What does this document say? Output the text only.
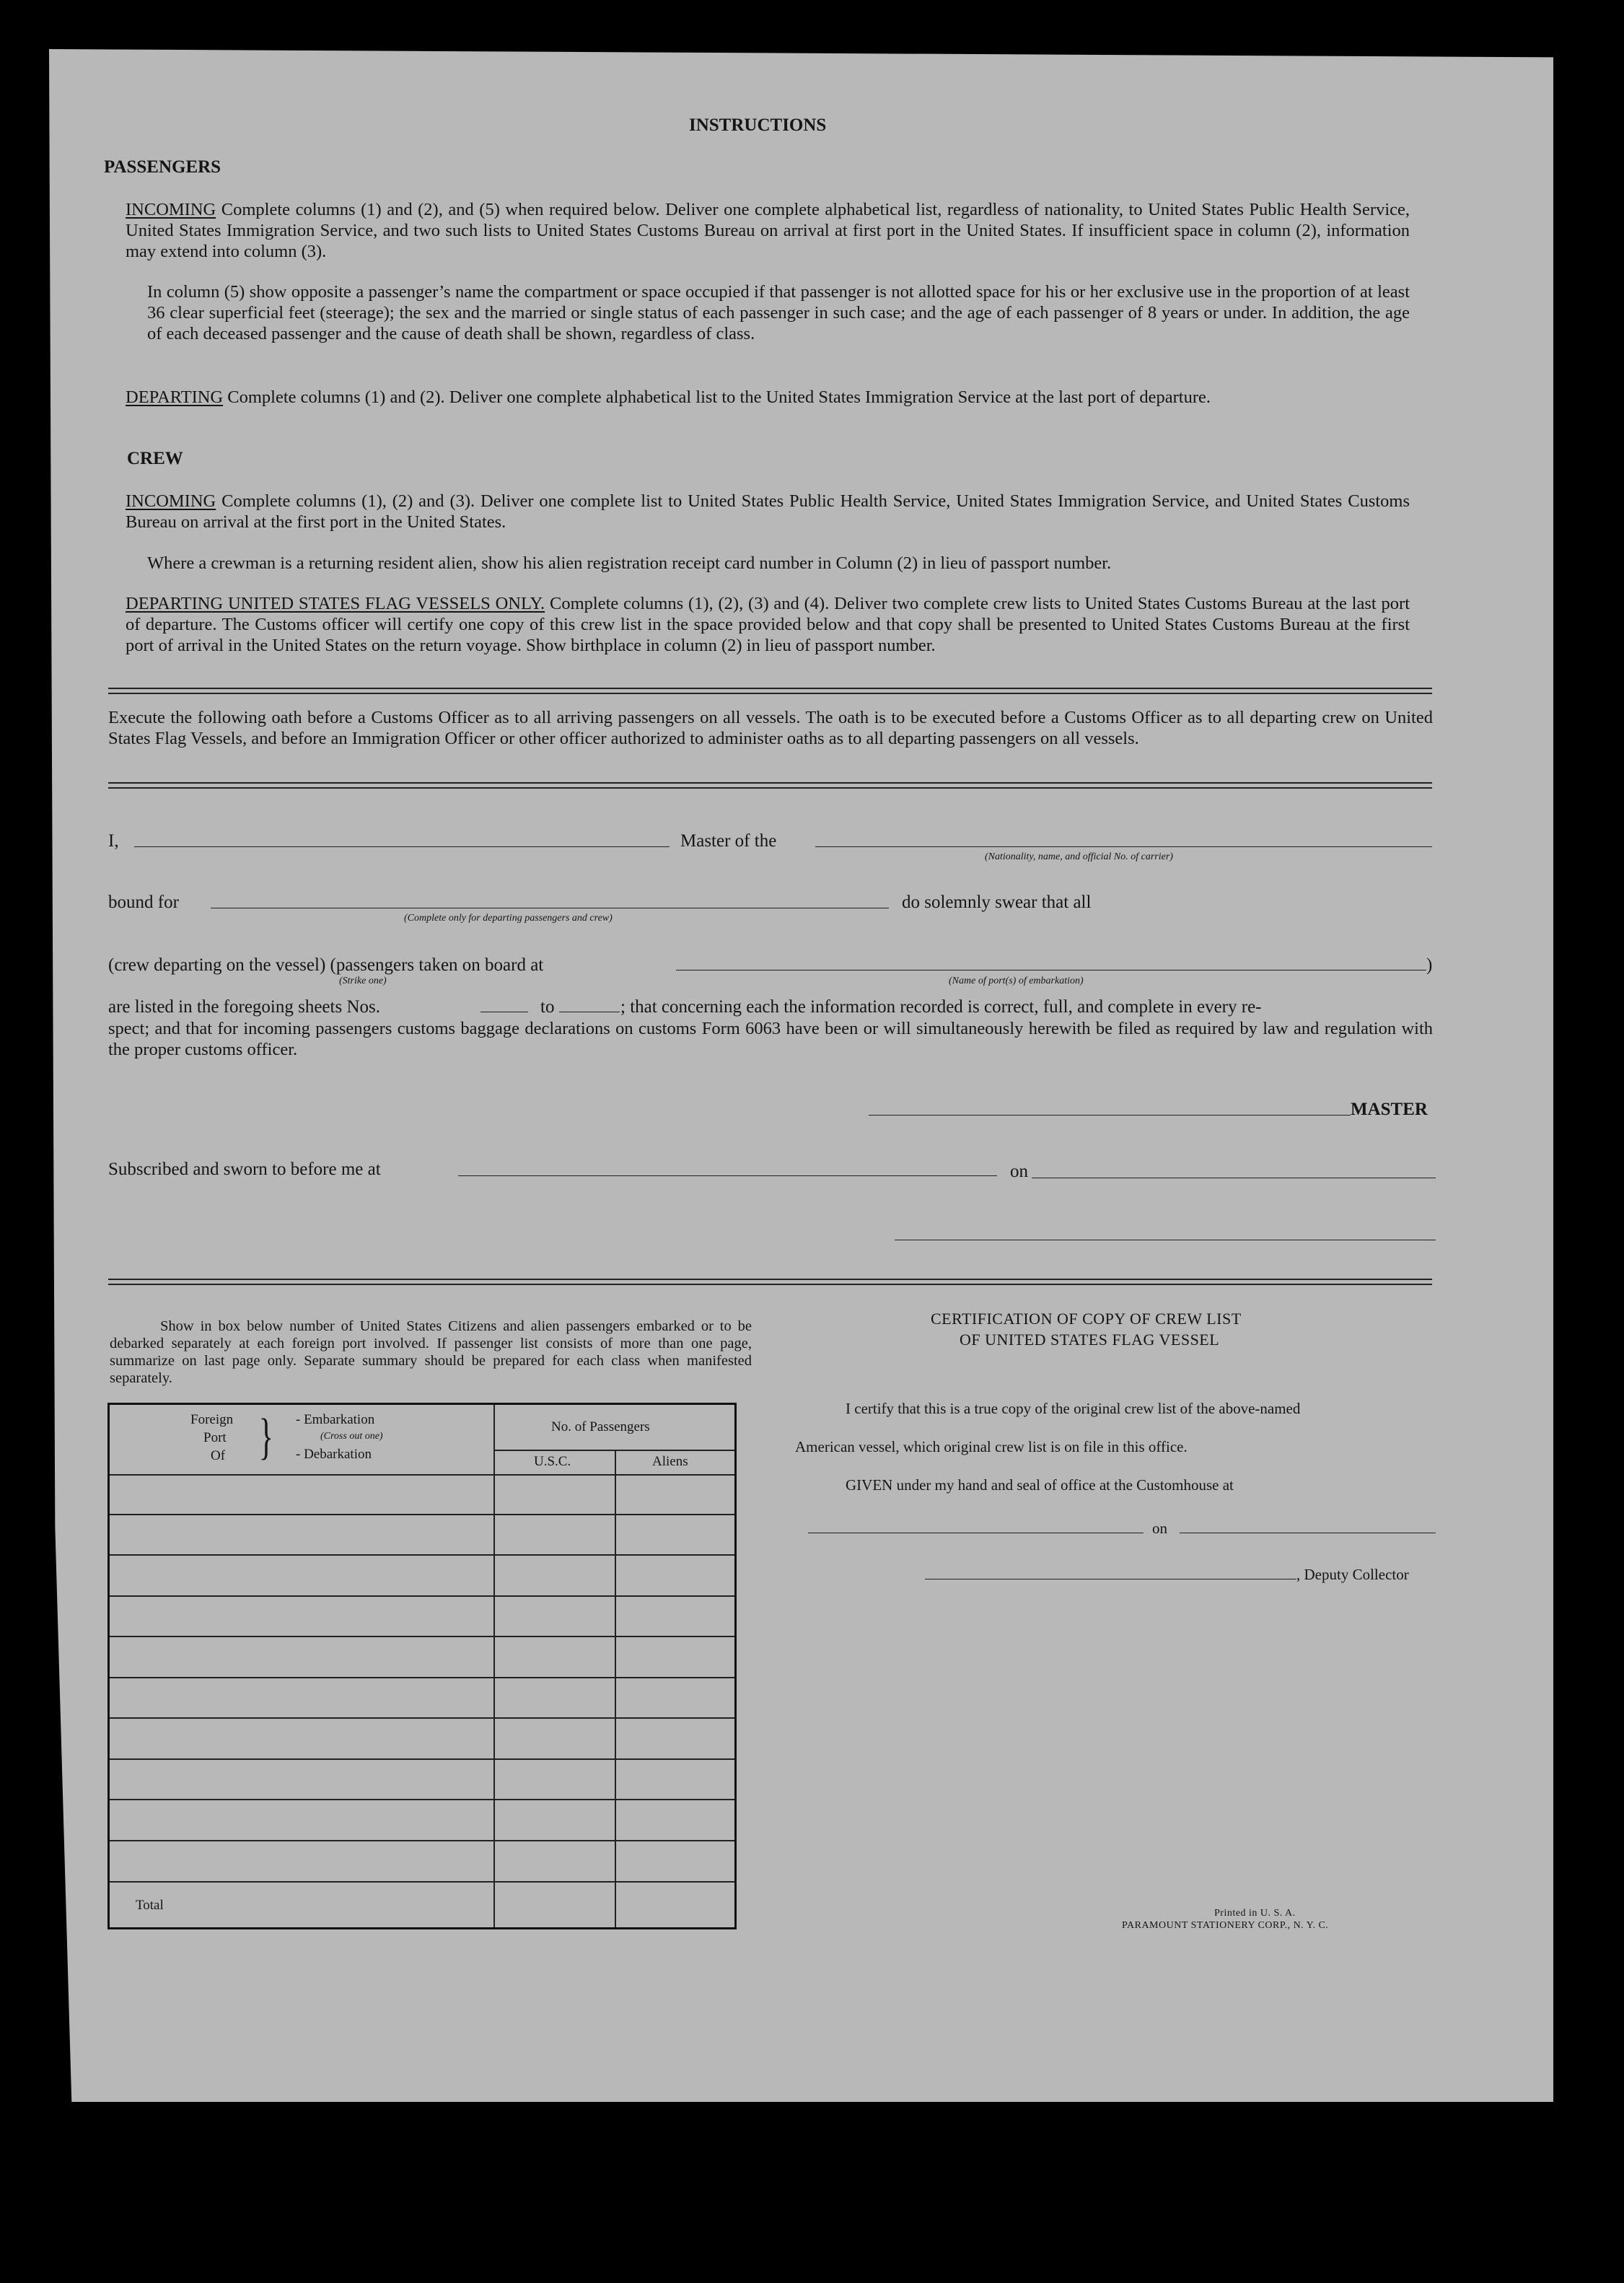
INSTRUCTIONS
PASSENGERS

INCOMING Complete columns (1) and (2), and (5) when required below. Deliver one complete alphabetical list, regardless of nationality, to United States Public Health Service, United States Immigration Service, and two such lists to United States Customs Bureau on arrival at first port in the United States. If insufficient space in column (2), information may extend into column (3).

In column (5) show opposite a passenger’s name the compartment or space occupied if that passenger is not allotted space for his or her exclusive use in the proportion of at least 36 clear superficial feet (steerage); the sex and the married or single status of each passenger in such case; and the age of each passenger of 8 years or under. In addition, the age of each deceased passenger and the cause of death shall be shown, regardless of class.

DEPARTING Complete columns (1) and (2). Deliver one complete alphabetical list to the United States Immigration Service at the last port of departure.

CREW

INCOMING Complete columns (1), (2) and (3). Deliver one complete list to United States Public Health Service, United States Immigration Service, and United States Customs Bureau on arrival at the first port in the United States.

Where a crewman is a returning resident alien, show his alien registration receipt card number in Column (2) in lieu of passport number.

DEPARTING UNITED STATES FLAG VESSELS ONLY. Complete columns (1), (2), (3) and (4). Deliver two complete crew lists to United States Customs Bureau at the last port of departure. The Customs officer will certify one copy of this crew list in the space provided below and that copy shall be presented to United States Customs Bureau at the first port of arrival in the United States on the return voyage. Show birthplace in column (2) in lieu of passport number.

Execute the following oath before a Customs Officer as to all arriving passengers on all vessels. The oath is to be executed before a Customs Officer as to all departing crew on United States Flag Vessels, and before an Immigration Officer or other officer authorized to administer oaths as to all departing passengers on all vessels.

I,	Master of the
(Nationality, name, and official No. of carrier)
bound for
(Complete only for departing passengers and crew)
do solemnly swear that all
(crew departing on the vessel) (passengers taken on board at	)
(Strike one)	(Name of port(s) of embarkation)
are listed in the foregoing sheets Nos.	to	; that concerning each the information recorded is correct, full, and complete in every re-

spect; and that for incoming passengers customs baggage declarations on customs Form 6063 have been or will simultaneously herewith be filed as required by law and regulation with the proper customs officer.

MASTER
Subscribed and sworn to before me at	on

Show in box below number of United States Citizens and alien passengers embarked or to be debarked separately at each foreign port involved. If passenger list consists of more than one page, summarize on last page only. Separate summary should be prepared for each class when manifested separately.

Foreign
Port
Of } - Embarkation
(Cross out one)
- Debarkation
No. of Passengers
U.S.C.	Aliens
Total
CERTIFICATION OF COPY OF CREW LIST
OF UNITED STATES FLAG VESSEL
I certify that this is a true copy of the original crew list of the above-named
American vessel, which original crew list is on file in this office.
GIVEN under my hand and seal of office at the Customhouse at
on
, Deputy Collector
Printed in U. S. A.
PARAMOUNT STATIONERY CORP., N. Y. C.
